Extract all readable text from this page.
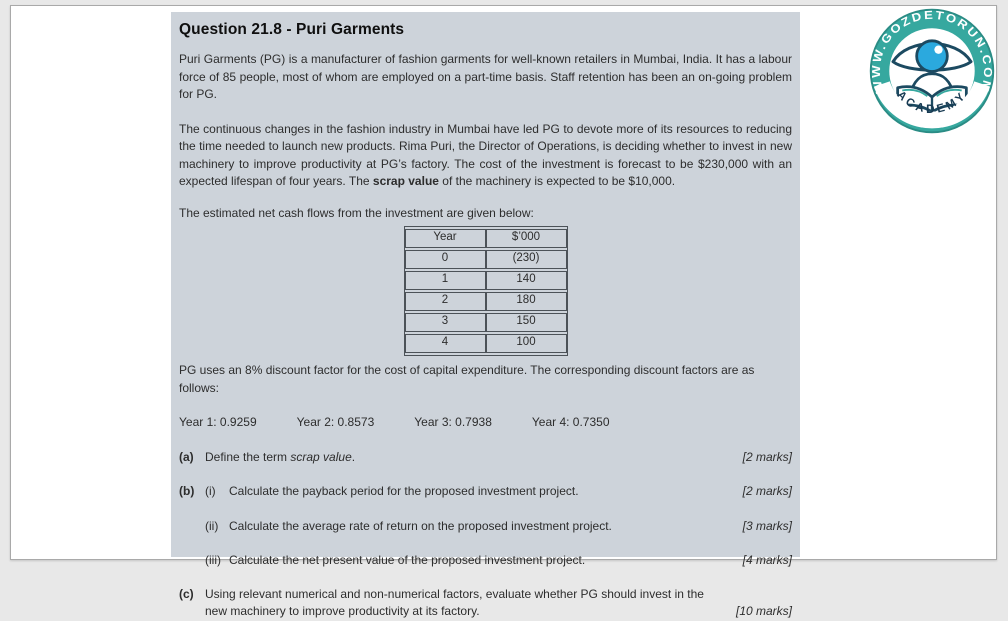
Question 21.8 - Puri Garments

Puri Garments (PG) is a manufacturer of fashion garments for well-known retailers in Mumbai, India. It has a labour force of 85 people, most of whom are employed on a part-time basis. Staff retention has been an on-going problem for PG.

The continuous changes in the fashion industry in Mumbai have led PG to devote more of its resources to reducing the time needed to launch new products. Rima Puri, the Director of Operations, is deciding whether to invest in new machinery to improve productivity at PG’s factory. The cost of the investment is forecast to be $230,000 with an expected lifespan of four years. The scrap value of the machinery is expected to be $10,000.

The estimated net cash flows from the investment are given below:

Year	$’000
0	(230)
1	140
2	180
3	150
4	100

PG uses an 8% discount factor for the cost of capital expenditure. The corresponding discount factors are as follows:

Year 1: 0.9259	Year 2: 0.8573	Year 3: 0.7938	Year 4: 0.7350
(a) Define the term scrap value.	[2 marks]
(b) (i)	Calculate the payback period for the proposed investment project.	[2 marks]
(ii) Calculate the average rate of return on the proposed investment project.	[3 marks]
(iii) Calculate the net present value of the proposed investment project.	[4 marks]
(c) Using relevant numerical and non-numerical factors, evaluate whether PG should invest in the new machinery to improve productivity at its factory.	[10 marks]
WWW.GOZDETORUN.COM
ACADEMY
